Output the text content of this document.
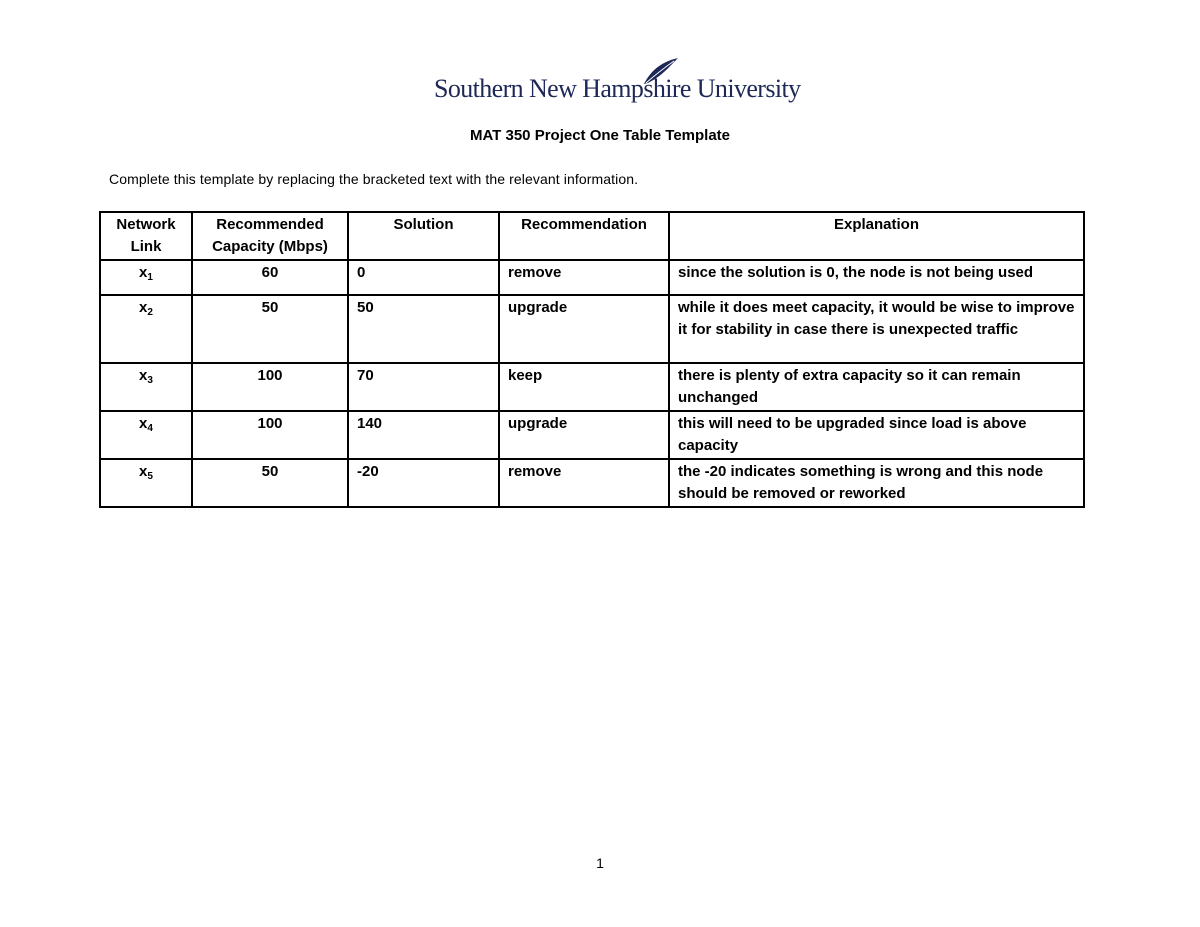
Southern New Hampshire University
MAT 350 Project One Table Template
Complete this template by replacing the bracketed text with the relevant information.
Network Link	Recommended Capacity (Mbps)	Solution	Recommendation	Explanation
$x_1$	60	0	remove	since the solution is 0, the node is not being used
$x_2$	50	50	upgrade	while it does meet capacity, it would be wise to improve it for stability in case there is unexpected traffic
$x_3$	100	70	keep	there is plenty of extra capacity so it can remain unchanged
$x_4$	100	140	upgrade	this will need to be upgraded since load is above capacity
$x_5$	50	-20	remove	the -20 indicates something is wrong and this node should be removed or reworked
1
